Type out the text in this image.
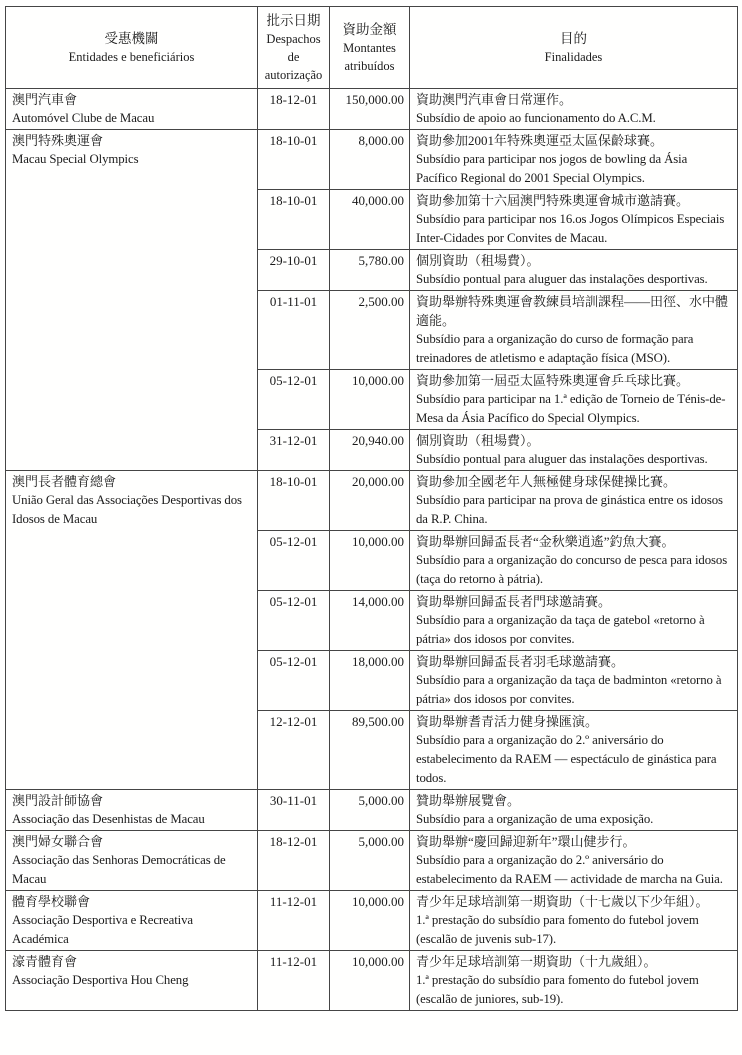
受惠機關
Entidades e beneficiários

批示日期
Despachos de autorização

資助金額
Montantes atribuídos

目的
Finalidades

澳門汽車會
Automóvel Clube de Macau
	18-12-01	150,000.00	資助澳門汽車會日常運作。
Subsídio de apoio ao funcionamento do A.C.M.

澳門特殊奧運會
Macau Special Olympics
	18-10-01	8,000.00	資助參加2001年特殊奧運亞太區保齡球賽。
Subsídio para participar nos jogos de bowling da Ásia Pacífico Regional do 2001 Special Olympics.

	18-10-01	40,000.00	資助參加第十六屆澳門特殊奧運會城市邀請賽。
Subsídio para participar nos 16.os Jogos Olímpicos Especiais Inter-Cidades por Convites de Macau.

	29-10-01	5,780.00	個別資助（租場費）。
Subsídio pontual para aluguer das instalações desportivas.

	01-11-01	2,500.00	資助舉辦特殊奧運會教練員培訓課程——田徑、水中體適能。
Subsídio para a organização do curso de formação para treinadores de atletismo e adaptação física (MSO).

	05-12-01	10,000.00	資助參加第一屆亞太區特殊奧運會乒乓球比賽。
Subsídio para participar na 1.ª edição de Torneio de Ténis-de-Mesa da Ásia Pacífico do Special Olympics.

	31-12-01	20,940.00	個別資助（租場費）。
Subsídio pontual para aluguer das instalações desportivas.

澳門長者體育總會
União Geral das Associações Desportivas dos Idosos de Macau
	18-10-01	20,000.00	資助參加全國老年人無極健身球保健操比賽。
Subsídio para participar na prova de ginástica entre os idosos da R.P. China.

	05-12-01	10,000.00	資助舉辦回歸盃長者“金秋樂逍遙”釣魚大賽。
Subsídio para a organização do concurso de pesca para idosos (taça do retorno à pátria).

	05-12-01	14,000.00	資助舉辦回歸盃長者門球邀請賽。
Subsídio para a organização da taça de gatebol «retorno à pátria» dos idosos por convites.

	05-12-01	18,000.00	資助舉辦回歸盃長者羽毛球邀請賽。
Subsídio para a organização da taça de badminton «retorno à pátria» dos idosos por convites.

	12-12-01	89,500.00	資助舉辦耆青活力健身操匯演。
Subsídio para a organização do 2.º aniversário do estabelecimento da RAEM — espectáculo de ginástica para todos.

澳門設計師協會
Associação das Desenhistas de Macau
	30-11-01	5,000.00	贊助舉辦展覽會。
Subsídio para a organização de uma exposição.

澳門婦女聯合會
Associação das Senhoras Democráticas de Macau
	18-12-01	5,000.00	資助舉辦“慶回歸迎新年”環山健步行。
Subsídio para a organização do 2.º aniversário do estabelecimento da RAEM — actividade de marcha na Guia.

體育學校聯會
Associação Desportiva e Recreativa Académica
	11-12-01	10,000.00	青少年足球培訓第一期資助（十七歲以下少年組）。
1.ª prestação do subsídio para fomento do futebol jovem (escalão de juvenis sub-17).

濠青體育會
Associação Desportiva Hou Cheng
	11-12-01	10,000.00	青少年足球培訓第一期資助（十九歲組）。
1.ª prestação do subsídio para fomento do futebol jovem (escalão de juniores, sub-19).
